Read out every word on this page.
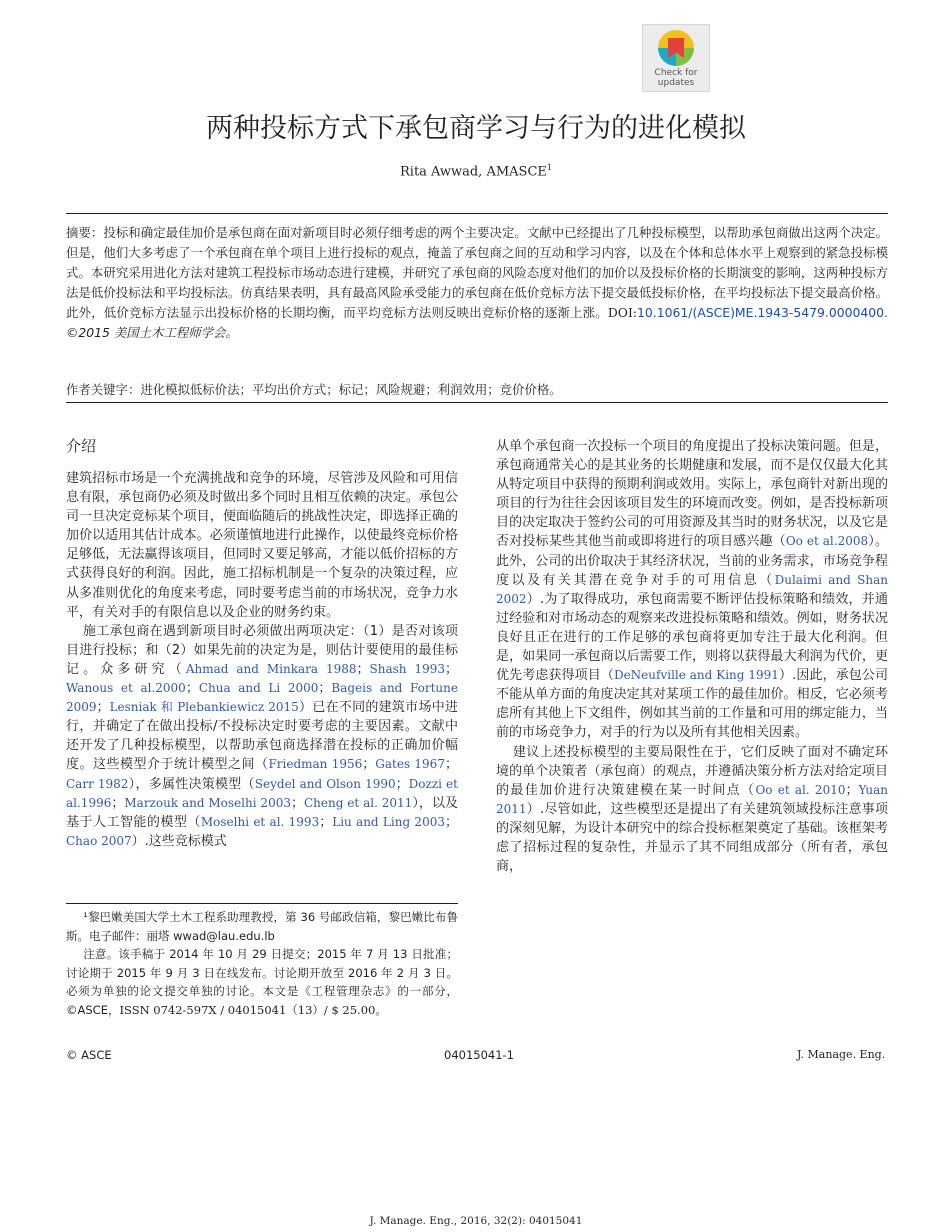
Check for
updates
两种投标方式下承包商学习与行为的进化模拟
Rita Awwad, AMASCE$^1$

摘要：投标和确定最佳加价是承包商在面对新项目时必须仔细考虑的两个主要决定。文献中已经提出了几种投标模型，以帮助承包商做出这两个决定。但是，他们大多考虑了一个承包商在单个项目上进行投标的观点，掩盖了承包商之间的互动和学习内容，以及在个体和总体水平上观察到的紧急投标模式。本研究采用进化方法对建筑工程投标市场动态进行建模，并研究了承包商的风险态度对他们的加价以及投标价格的长期演变的影响，这两种投标方法是低价投标法和平均投标法。仿真结果表明，具有最高风险承受能力的承包商在低价竞标方法下提交最低投标价格，在平均投标法下提交最高价格。此外，低价竞标方法显示出投标价格的长期均衡，而平均竞标方法则反映出竞标价格的逐渐上涨。DOI:10.1061/(ASCE)ME.1943-5479.0000400. ©2015 美国土木工程师学会。

作者关键字：进化模拟低标价法；平均出价方式；标记；风险规避；利润效用；竞价价格。

介绍

建筑招标市场是一个充满挑战和竞争的环境，尽管涉及风险和可用信息有限，承包商仍必须及时做出多个同时且相互依赖的决定。承包公司一旦决定竞标某个项目，便面临随后的挑战性决定，即选择正确的加价以适用其估计成本。必须谨慎地进行此操作，以使最终竞标价格足够低，无法赢得该项目，但同时又要足够高，才能以低价招标的方式获得良好的利润。因此，施工招标机制是一个复杂的决策过程，应从多准则优化的角度来考虑，同时要考虑当前的市场状况，竞争力水平，有关对手的有限信息以及企业的财务约束。

施工承包商在遇到新项目时必须做出两项决定：（1）是否对该项目进行投标；和（2）如果先前的决定为是，则估计要使用的最佳标记。众多研究（Ahmad and Minkara 1988；Shash 1993；Wanous et al.2000；Chua and Li 2000；Bageis and Fortune 2009；Lesniak 和 Plebankiewicz 2015）已在不同的建筑市场中进行，并确定了在做出投标/不投标决定时要考虑的主要因素。文献中还开发了几种投标模型，以帮助承包商选择潜在投标的正确加价幅度。这些模型介于统计模型之间（Friedman 1956；Gates 1967；Carr 1982），多属性决策模型（Seydel and Olson 1990；Dozzi et al.1996；Marzouk and Moselhi 2003；Cheng et al. 2011），以及基于人工智能的模型（Moselhi et al. 1993；Liu and Ling 2003；Chao 2007）.这些竞标模式

¹黎巴嫩美国大学土木工程系助理教授，第 36 号邮政信箱，黎巴嫩比布鲁斯。电子邮件：丽塔 wwad@lau.edu.lb

注意。该手稿于 2014 年 10 月 29 日提交；2015 年 7 月 13 日批准；讨论期于 2015 年 9 月 3 日在线发布。讨论期开放至 2016 年 2 月 3 日。必须为单独的论文提交单独的讨论。本文是《工程管理杂志》的一部分，©ASCE，ISSN 0742-597X / 04015041（13）/ $ 25.00。

从单个承包商一次投标一个项目的角度提出了投标决策问题。但是，承包商通常关心的是其业务的长期健康和发展，而不是仅仅最大化其从特定项目中获得的预期利润或效用。实际上，承包商针对新出现的项目的行为往往会因该项目发生的环境而改变。例如，是否投标新项目的决定取决于签约公司的可用资源及其当时的财务状况，以及它是否对投标某些其他当前或即将进行的项目感兴趣（Oo et al.2008）。此外，公司的出价取决于其经济状况，当前的业务需求，市场竞争程度以及有关其潜在竞争对手的可用信息（Dulaimi and Shan 2002）.为了取得成功，承包商需要不断评估投标策略和绩效，并通过经验和对市场动态的观察来改进投标策略和绩效。例如，财务状况良好且正在进行的工作足够的承包商将更加专注于最大化利润。但是，如果同一承包商以后需要工作，则将以获得最大利润为代价，更优先考虑获得项目（DeNeufville and King 1991）.因此，承包公司不能从单方面的角度决定其对某项工作的最佳加价。相反，它必须考虑所有其他上下文组件，例如其当前的工作量和可用的绑定能力，当前的市场竞争力，对手的行为以及所有其他相关因素。

建议上述投标模型的主要局限性在于，它们反映了面对不确定环境的单个决策者（承包商）的观点，并遵循决策分析方法对给定项目的最佳加价进行决策建模在某一时间点（Oo et al. 2010；Yuan 2011）.尽管如此，这些模型还是提出了有关建筑领域投标注意事项的深刻见解，为设计本研究中的综合投标框架奠定了基础。该框架考虑了招标过程的复杂性，并显示了其不同组成部分（所有者，承包商，

© ASCE	04015041-1	J. Manage. Eng.
J. Manage. Eng., 2016, 32(2): 04015041
